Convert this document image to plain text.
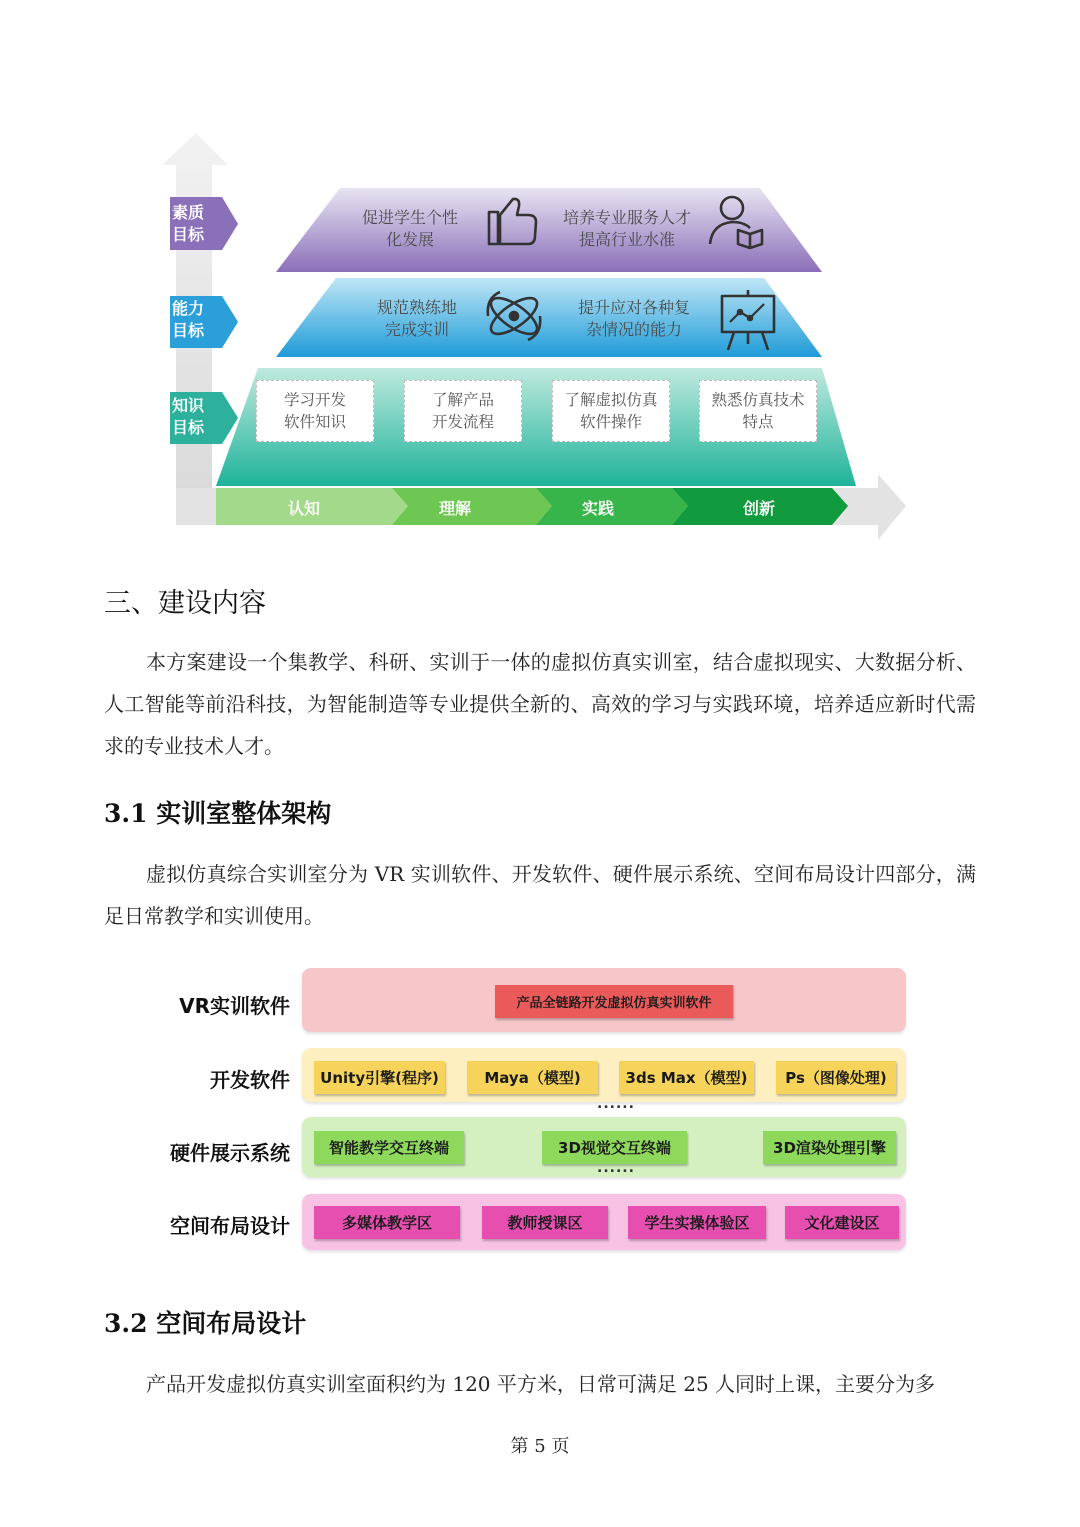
素质
目标
能力
目标
知识
目标
促进学生个性
化发展
培养专业服务人才
提高行业水准
规范熟练地
完成实训
提升应对各种复
杂情况的能力
学习开发
软件知识
了解产品
开发流程
了解虚拟仿真
软件操作
熟悉仿真技术
特点
认知	理解	实践	创新
三、建设内容

本方案建设一个集教学、科研、实训于一体的虚拟仿真实训室，结合虚拟现实、大数据分析、人工智能等前沿科技，为智能制造等专业提供全新的、高效的学习与实践环境，培养适应新时代需求的专业技术人才。

3.1 实训室整体架构

虚拟仿真综合实训室分为 VR 实训软件、开发软件、硬件展示系统、空间布局设计四部分，满足日常教学和实训使用。

VR实训软件	产品全链路开发虚拟仿真实训软件
开发软件	Unity引擎(程序)	Maya（模型)	3ds Max（模型)	Ps（图像处理)
......
硬件展示系统	智能教学交互终端	3D视觉交互终端	3D渲染处理引擎
......
空间布局设计	多媒体教学区	教师授课区	学生实操体验区	文化建设区
3.2 空间布局设计

产品开发虚拟仿真实训室面积约为 120 平方米，日常可满足 25 人同时上课，主要分为多

第 5 页
